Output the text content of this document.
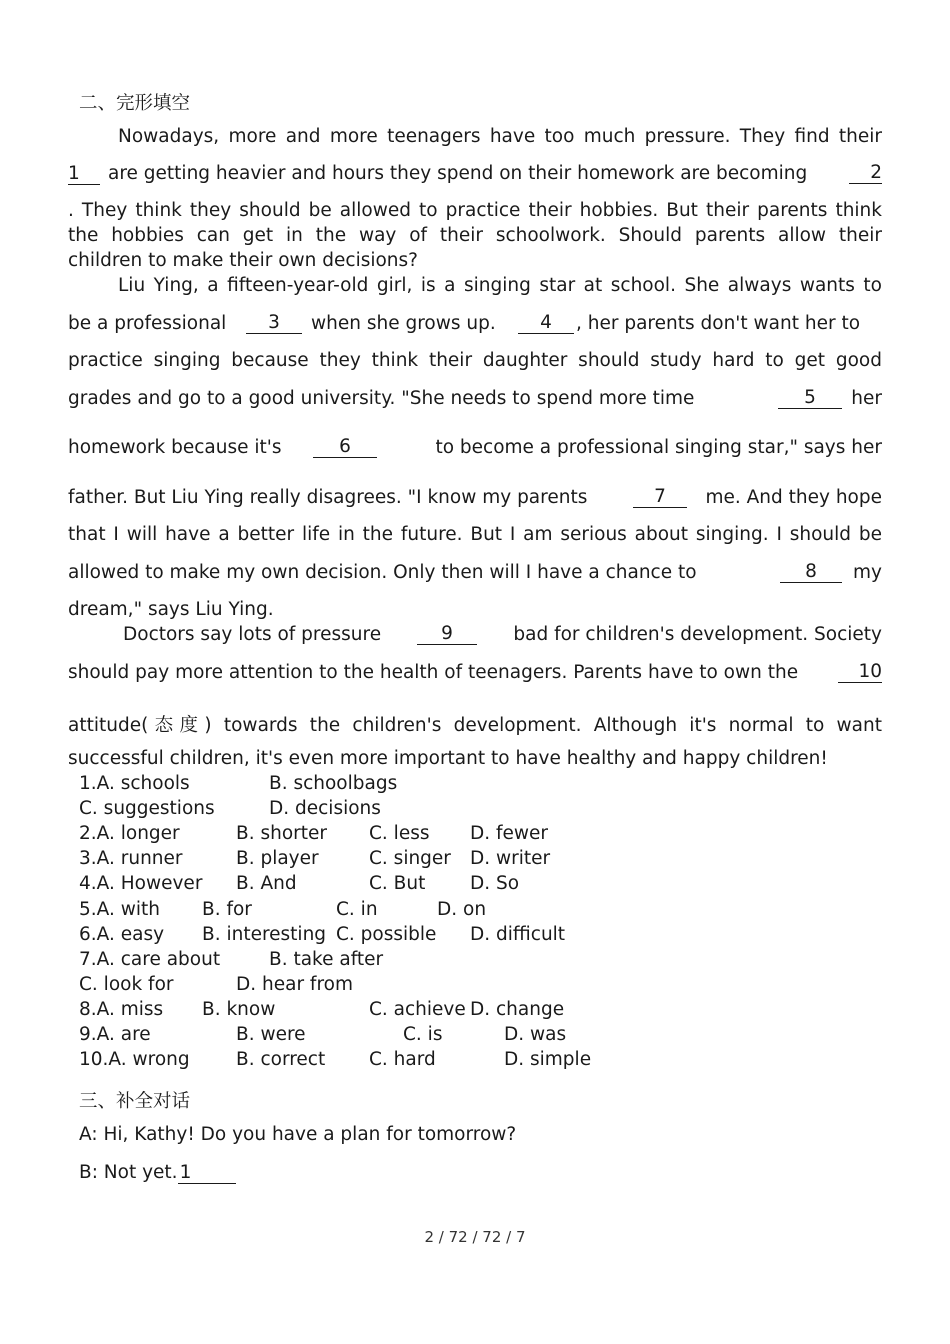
二、完形填空
Nowadays, more and more teenagers have too much pressure. They find their
1 are getting heavier and hours they spend on their homework are becoming	2
. They think they should be allowed to practice their hobbies. But their parents think
the hobbies can get in the way of their schoolwork. Should parents allow their
children to make their own decisions?
Liu Ying, a fifteen-year-old girl, is a singing star at school. She always wants to
be a professional	3	when she grows up.	4	, her parents don't want her to
practice singing because they think their daughter should study hard to get good
grades and go to a good university. "She needs to spend more time	5	her
homework because it's	6	to become a professional singing star," says her
father. But Liu Ying really disagrees. "I know my parents	7	me. And they hope
that I will have a better life in the future. But I am serious about singing. I should be
allowed to make my own decision. Only then will I have a chance to	8	my
dream," says Liu Ying.
Doctors say lots of pressure	9	bad for children's development. Society
should pay more attention to the health of teenagers. Parents have to own the	10
attitude(态度) towards the children's development. Although it's normal to want
successful children, it's even more important to have healthy and happy children!
1.A. schools	B. schoolbags
C. suggestions	D. decisions
2.A. longer	B. shorter C. less D. fewer
3.A. runner	B. player	C. singer D. writer
4.A. However B. And	C. But D. So
5.A. with B. for	C. in	D. on
6.A. easy B. interesting C. possible D. difficult
7.A. care about	B. take after
C. look for	D. hear from
8.A. miss B. know	C. achieve D. change
9.A. are	B. were	C. is	D. was
10.A. wrong	B. correct C. hard	D. simple
三、补全对话
A: Hi, Kathy! Do you have a plan for tomorrow?
B: Not yet. 1
2 / 72 / 72 / 7
